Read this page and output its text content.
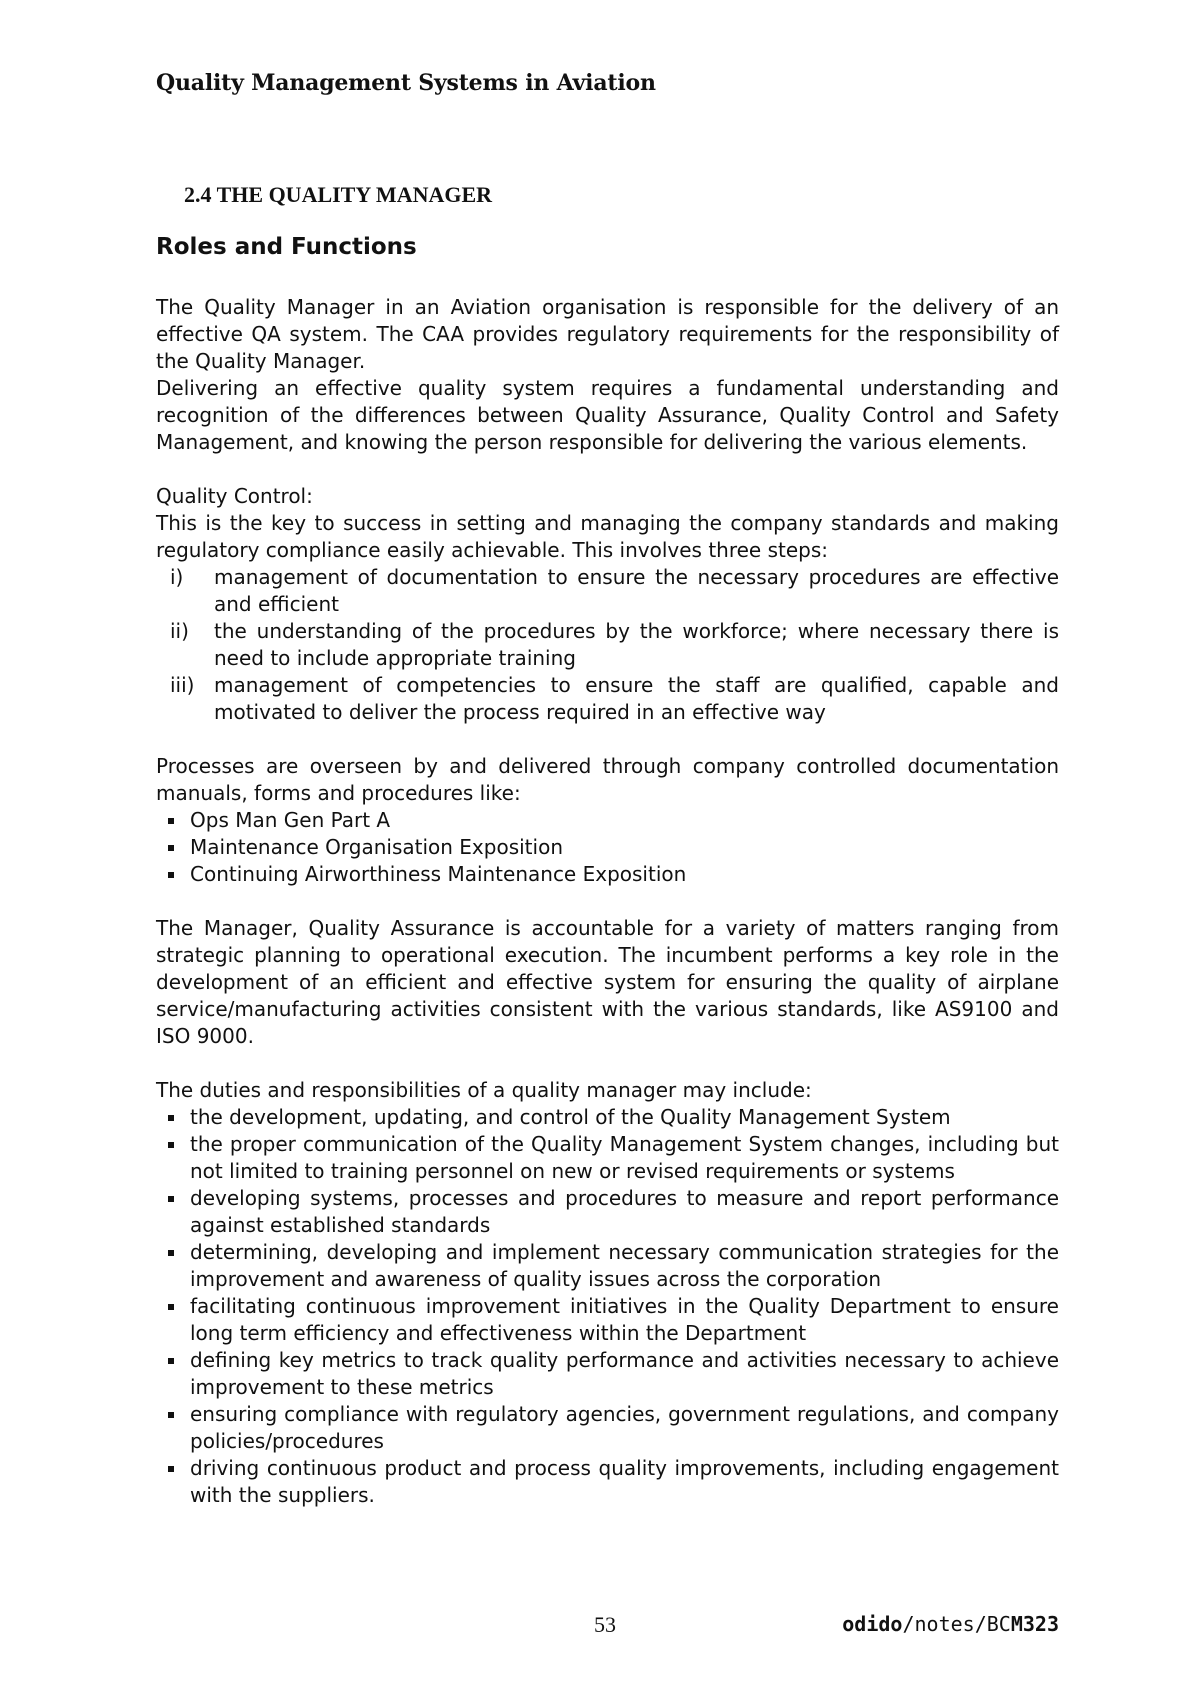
Quality Management Systems in Aviation
2.4 THE QUALITY MANAGER
Roles and Functions

The Quality Manager in an Aviation organisation is responsible for the delivery of an effective QA system. The CAA provides regulatory requirements for the responsibility of the Quality Manager.

Delivering an effective quality system requires a fundamental understanding and recognition of the differences between Quality Assurance, Quality Control and Safety Management, and knowing the person responsible for delivering the various elements.

Quality Control:

This is the key to success in setting and managing the company standards and making regulatory compliance easily achievable. This involves three steps:

i) management of documentation to ensure the necessary procedures are effective and efficient
ii) the understanding of the procedures by the workforce; where necessary there is need to include appropriate training
iii) management of competencies to ensure the staff are qualified, capable and motivated to deliver the process required in an effective way

Processes are overseen by and delivered through company controlled documentation manuals, forms and procedures like:

Ops Man Gen Part A
Maintenance Organisation Exposition
Continuing Airworthiness Maintenance Exposition

The Manager, Quality Assurance is accountable for a variety of matters ranging from strategic planning to operational execution. The incumbent performs a key role in the development of an efficient and effective system for ensuring the quality of airplane service/manufacturing activities consistent with the various standards, like AS9100 and ISO 9000.

The duties and responsibilities of a quality manager may include:

the development, updating, and control of the Quality Management System
the proper communication of the Quality Management System changes, including but not limited to training personnel on new or revised requirements or systems
developing systems, processes and procedures to measure and report performance against established standards
determining, developing and implement necessary communication strategies for the improvement and awareness of quality issues across the corporation
facilitating continuous improvement initiatives in the Quality Department to ensure long term efficiency and effectiveness within the Department
defining key metrics to track quality performance and activities necessary to achieve improvement to these metrics
ensuring compliance with regulatory agencies, government regulations, and company policies/procedures
driving continuous product and process quality improvements, including engagement with the suppliers.
53	odido/notes/BCM323
